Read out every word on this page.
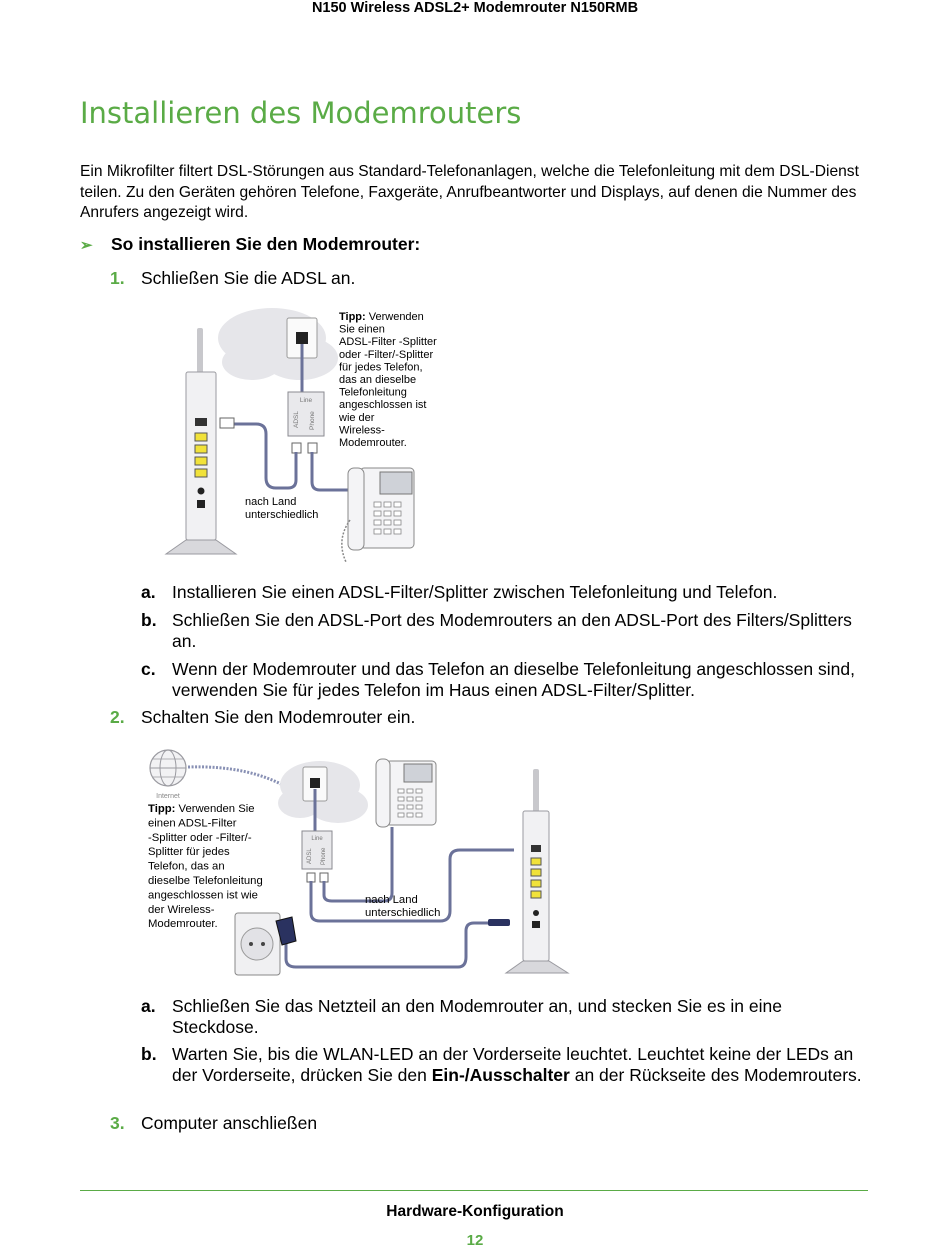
N150 Wireless ADSL2+ Modemrouter N150RMB
Installieren des Modemrouters

Ein Mikrofilter filtert DSL-Störungen aus Standard-Telefonanlagen, welche die Telefonleitung mit dem DSL-Dienst teilen. Zu den Geräten gehören Telefone, Faxgeräte, Anrufbeantworter und Displays, auf denen die Nummer des Anrufers angezeigt wird.

➢ So installieren Sie den Modemrouter:
1. Schließen Sie die ADSL an.
Line
ADSL Phone
Tipp: Verwenden Sie einen ADSL-Filter -Splitter oder -Filter/-Splitter für jedes Telefon, das an dieselbe Telefonleitung angeschlossen ist wie der Wireless- Modemrouter.
nach Land unterschiedlich
a. Installieren Sie einen ADSL-Filter/Splitter zwischen Telefonleitung und Telefon.
b. Schließen Sie den ADSL-Port des Modemrouters an den ADSL-Port des Filters/Splitters an.
c. Wenn der Modemrouter und das Telefon an dieselbe Telefonleitung angeschlossen sind, verwenden Sie für jedes Telefon im Haus einen ADSL-Filter/Splitter.
2. Schalten Sie den Modemrouter ein.
Internet
Line
ADSL Phone
Tipp: Verwenden Sie einen ADSL-Filter -Splitter oder -Filter/- Splitter für jedes Telefon, das an dieselbe Telefonleitung angeschlossen ist wie der Wireless- Modemrouter.
nach Land unterschiedlich
a. Schließen Sie das Netzteil an den Modemrouter an, und stecken Sie es in eine Steckdose.
b. Warten Sie, bis die WLAN-LED an der Vorderseite leuchtet. Leuchtet keine der LEDs an der Vorderseite, drücken Sie den Ein-/Ausschalter an der Rückseite des Modemrouters.
3. Computer anschließen
Hardware-Konfiguration
12
